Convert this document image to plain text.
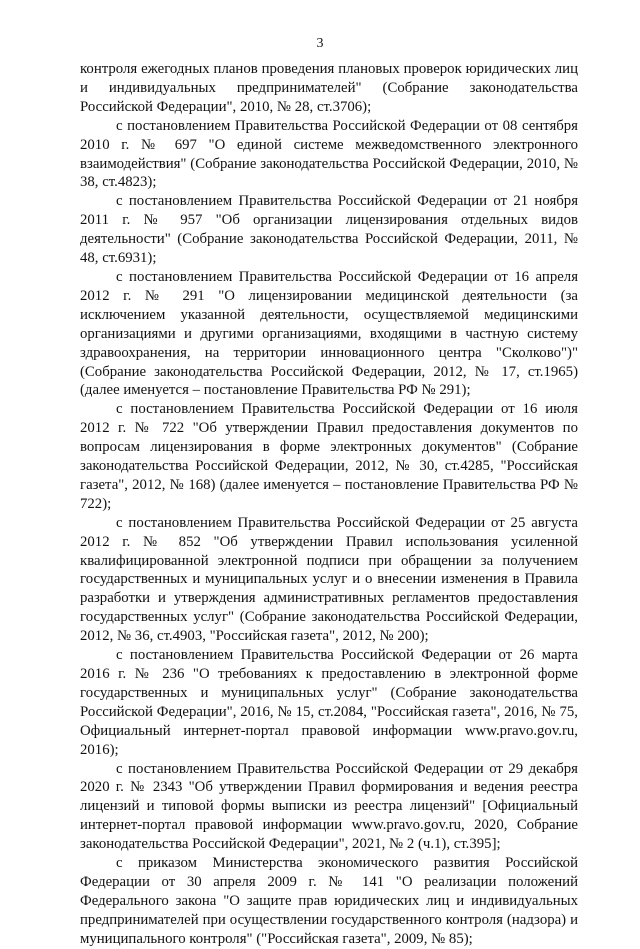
3

контроля ежегодных планов проведения плановых проверок юридических лиц и индивидуальных предпринимателей" (Собрание законодательства Российской Федерации", 2010, № 28, ст.3706);

с постановлением Правительства Российской Федерации от 08 сентября 2010 г. № 697 "О единой системе межведомственного электронного взаимодействия" (Собрание законодательства Российской Федерации, 2010, № 38, ст.4823);

с постановлением Правительства Российской Федерации от 21 ноября 2011 г. № 957 "Об организации лицензирования отдельных видов деятельности" (Собрание законодательства Российской Федерации, 2011, № 48, ст.6931);

с постановлением Правительства Российской Федерации от 16 апреля 2012 г. № 291 "О лицензировании медицинской деятельности (за исключением указанной деятельности, осуществляемой медицинскими организациями и другими организациями, входящими в частную систему здравоохранения, на территории инновационного центра "Сколково")" (Собрание законодательства Российской Федерации, 2012, № 17, ст.1965) (далее именуется – постановление Правительства РФ № 291);

с постановлением Правительства Российской Федерации от 16 июля 2012 г. № 722 "Об утверждении Правил предоставления документов по вопросам лицензирования в форме электронных документов" (Собрание законодательства Российской Федерации, 2012, № 30, ст.4285, "Российская газета", 2012, № 168) (далее именуется – постановление Правительства РФ № 722);

с постановлением Правительства Российской Федерации от 25 августа 2012 г. № 852 "Об утверждении Правил использования усиленной квалифицированной электронной подписи при обращении за получением государственных и муниципальных услуг и о внесении изменения в Правила разработки и утверждения административных регламентов предоставления государственных услуг" (Собрание законодательства Российской Федерации, 2012, № 36, ст.4903, "Российская газета", 2012, № 200);

с постановлением Правительства Российской Федерации от 26 марта 2016 г. № 236 "О требованиях к предоставлению в электронной форме государственных и муниципальных услуг" (Собрание законодательства Российской Федерации", 2016, № 15, ст.2084, "Российская газета", 2016, № 75, Официальный интернет-портал правовой информации www.pravo.gov.ru, 2016);

с постановлением Правительства Российской Федерации от 29 декабря 2020 г. № 2343 "Об утверждении Правил формирования и ведения реестра лицензий и типовой формы выписки из реестра лицензий" [Официальный интернет-портал правовой информации www.pravo.gov.ru, 2020, Собрание законодательства Российской Федерации", 2021, № 2 (ч.1), ст.395];

с приказом Министерства экономического развития Российской Федерации от 30 апреля 2009 г. № 141 "О реализации положений Федерального закона "О защите прав юридических лиц и индивидуальных предпринимателей при осуществлении государственного контроля (надзора) и муниципального контроля" ("Российская газета", 2009, № 85);
